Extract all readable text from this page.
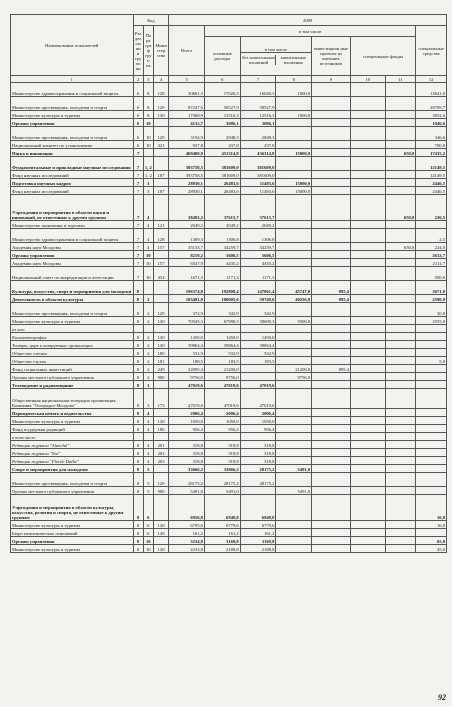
Наименование показателей	Код			2009							
	Раздел омини групп ин	Пара граф груп па	Мини стер ство	Всего	в том числе						специальные средства
					основные расходы	в том числе
без капитальных вложений
капитальные вложения		инвестицион ные проекты из внешних источников	специальные фонды		
1	2	3	4	5	6	7	8	9	10	11	12
Министерство здравоохранения и социальной защиты	6	8	128	30661,3	17020,3	16020,3	1000,0				13641,0
Министерство просвещения, молодежи и спорта	6	8	129	87237,6	58527,9	58527,9					28709,7
Министерство культуры и туризма	6	8	130	17368,9	13516,3	12516,3	1000,0				3852,6
Органы управления	6	10		4132,7	3086,1	3086,1					1046,6
Министерство просвещения, молодежи и спорта	6	10	129	3194,9	2848,3	2848,3					346,6
Национальный комитет по усыновлению	6	10	321	937,8	237,8	237,8					700,0
Наука и инновации	7			469400,0	451314,8	436314,8	15000,0			650,0	17435,2
Фундаментальные и прикладные научные исследования	7	1, 2		393758,5	381609,0	381609,0					12149,5
Фонд научных исследований	7	1, 2	187	393758,5	381609,0	381609,0					12149,5
Подготовка научных кадров	7	3		28930,1	26483,6	11483,6	15000,0				2446,5
Фонд научных исследований	7	3	187	28930,1	26483,6	11483,6	15000,0				2446,5
Учреждения и мероприятия в области науки и инноваций, не отнесенные к другим группам	7	4		38492,2	37615,7	37615,7				650,0	226,5
Министерство экономики и торговли	7	4	121	2049,2	2049,2	2049,2					
Министерство здравоохранения и социальной защиты	7	4	128	1309,3	1306,8	1306,8					2,5
Академия наук Молдовы	7	4	157	35133,7	34259,7	34259,7				650,0	224,0
Органы управления	7	10		8219,2	5606,5	5606,5					2612,7
Академия наук Молдовы	7	10	157	6547,9	4435,2	4435,2					2112,7
Национальный совет по аккредитации и аттестации	7	10	454	1671,3	1171,3	1171,3					500,0
Культура, искусство, спорт и мероприятия для молодежи	8			196374,8	192808,4	147061,4	45747,0	895,4			2671,0
Деятельность в области культуры	8	2		103491,0	100005,6	59749,6	40256,0	895,4			2590,0
Министерство просвещения, молодежи и спорта	8	2	129	372,9	342,9	342,9					30,0
Министерство культуры и туризма	8	2	130	70545,3	67990,3	58690,3	9300,0				2555,0
из них:											
Кинематография	8	2	130	1450,0	1450,0	1450,0					
Театры, цирк и концертные организации	8	2	130	39864,4	39864,4	39864,4					
Общество слепых	8	2	180	532,9	532,9	532,9					
Общество глухих	8	2	181	188,5	183,5	183,5					5,0
Фонд социальных инвестиций	8	2	249	22095,4	21200,0		21200,0	895,4			
Органы местного публичного управления	8	2	900	9756,0	9756,0		9756,0				
Телевидение и радиовещание	8	3		47019,6	47019,6	47019,6					
Общественная национальная телерадио организация Компания "Телерадио-Молдова"	8	3	173	47019,6	47019,6	47019,6					
Периодическая печать и издательства	8	4		2006,4	2006,4	2006,4					
Министерство культуры и туризма	8	4	130	1050,0	1050,0	1050,0					
Фонд поддержки редакций	8	4	186	956,4	956,4	956,4					
в том числе:											
Редакция журнала "Alunelul"	8	4	201	318,8	318,8	318,8					
Редакция журнала "Noi"	8	4	202	318,8	318,8	318,8					
Редакция журнала "Florile Dalbe"	8	4	203	318,8	318,8	318,8					
Спорт и мероприятия для молодежи	8	5		33666,2	33666,2	28175,2	5491,0				
Министерство просвещения, молодежи и спорта	8	5	129	28175,2	28175,2	28175,2					
Органы местного публичного управления	8	5	900	5491,0	5491,0		5491,0				
Учреждения и мероприятия в области культуры, искусства, религии и спорта, не отнесенные к другим группам	8	6		6956,8	6940,8	6940,8					16,0
Министерство культуры и туризма	8	6	130	6795,6	6779,6	6779,6					16,0
Бюро межэтнических отношений	8	6	149	161,2	161,2	161,2					
Органы управления	8	10		3234,8	3169,8	3169,8					65,0
Министерство культуры и туризма	8	10	130	2233,8	2188,8	2188,8					45,0
92
